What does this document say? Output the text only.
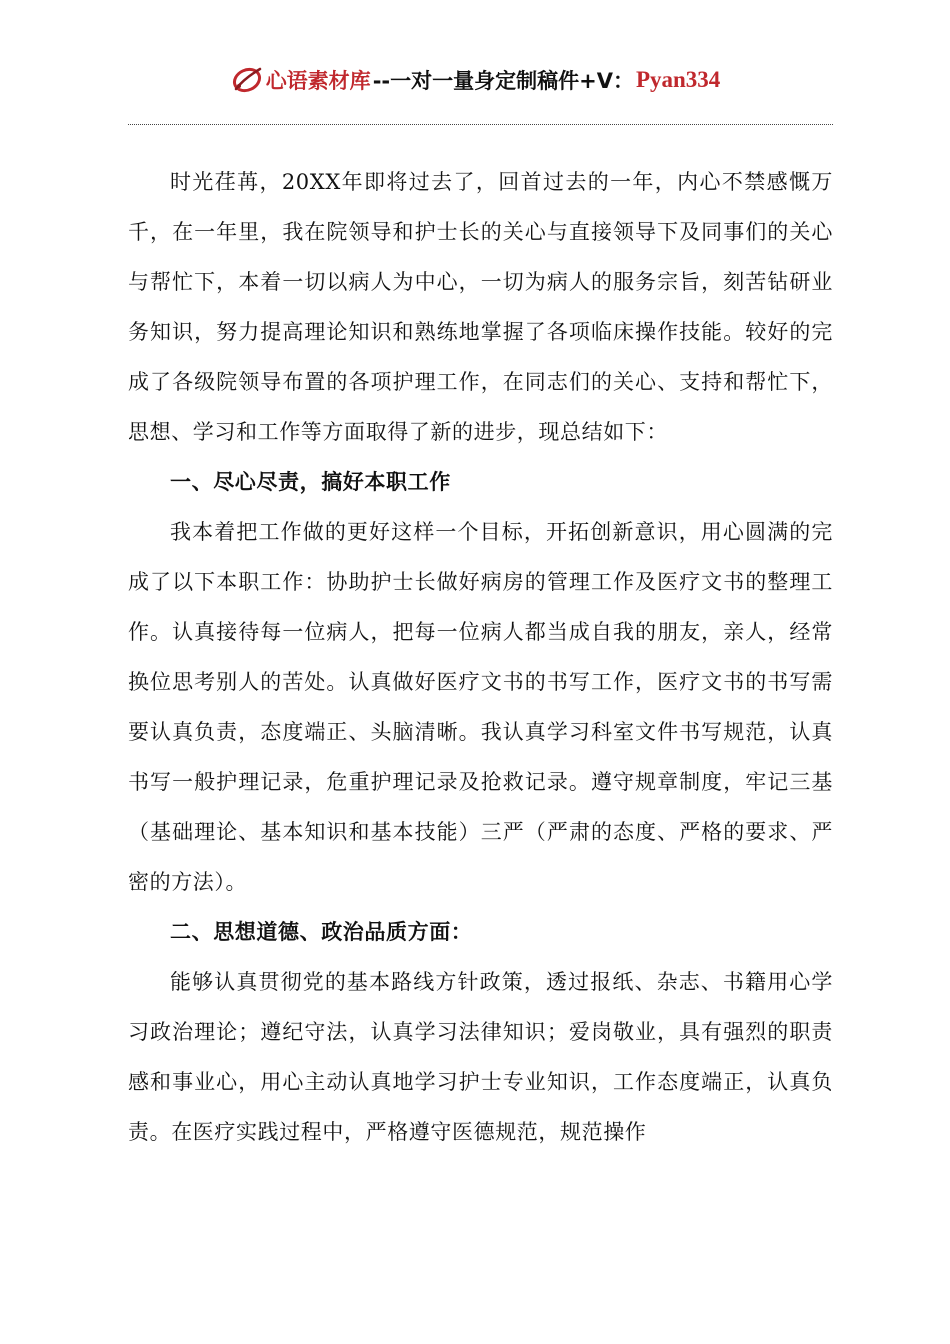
心语素材库 --一对一量身定制稿件+V： Pyan334

时光荏苒，20XX年即将过去了，回首过去的一年，内心不禁感慨万千，在一年里，我在院领导和护士长的关心与直接领导下及同事们的关心与帮忙下，本着一切以病人为中心，一切为病人的服务宗旨，刻苦钻研业务知识，努力提高理论知识和熟练地掌握了各项临床操作技能。较好的完成了各级院领导布置的各项护理工作，在同志们的关心、支持和帮忙下，思想、学习和工作等方面取得了新的进步，现总结如下：

一、尽心尽责，搞好本职工作

我本着把工作做的更好这样一个目标，开拓创新意识，用心圆满的完成了以下本职工作：协助护士长做好病房的管理工作及医疗文书的整理工作。认真接待每一位病人，把每一位病人都当成自我的朋友，亲人，经常换位思考别人的苦处。认真做好医疗文书的书写工作，医疗文书的书写需要认真负责，态度端正、头脑清晰。我认真学习科室文件书写规范，认真书写一般护理记录，危重护理记录及抢救记录。遵守规章制度，牢记三基（基础理论、基本知识和基本技能）三严（严肃的态度、严格的要求、严密的方法）。

二、思想道德、政治品质方面：

能够认真贯彻党的基本路线方针政策，透过报纸、杂志、书籍用心学习政治理论；遵纪守法，认真学习法律知识；爱岗敬业，具有强烈的职责感和事业心，用心主动认真地学习护士专业知识，工作态度端正，认真负责。在医疗实践过程中，严格遵守医德规范，规范操作
